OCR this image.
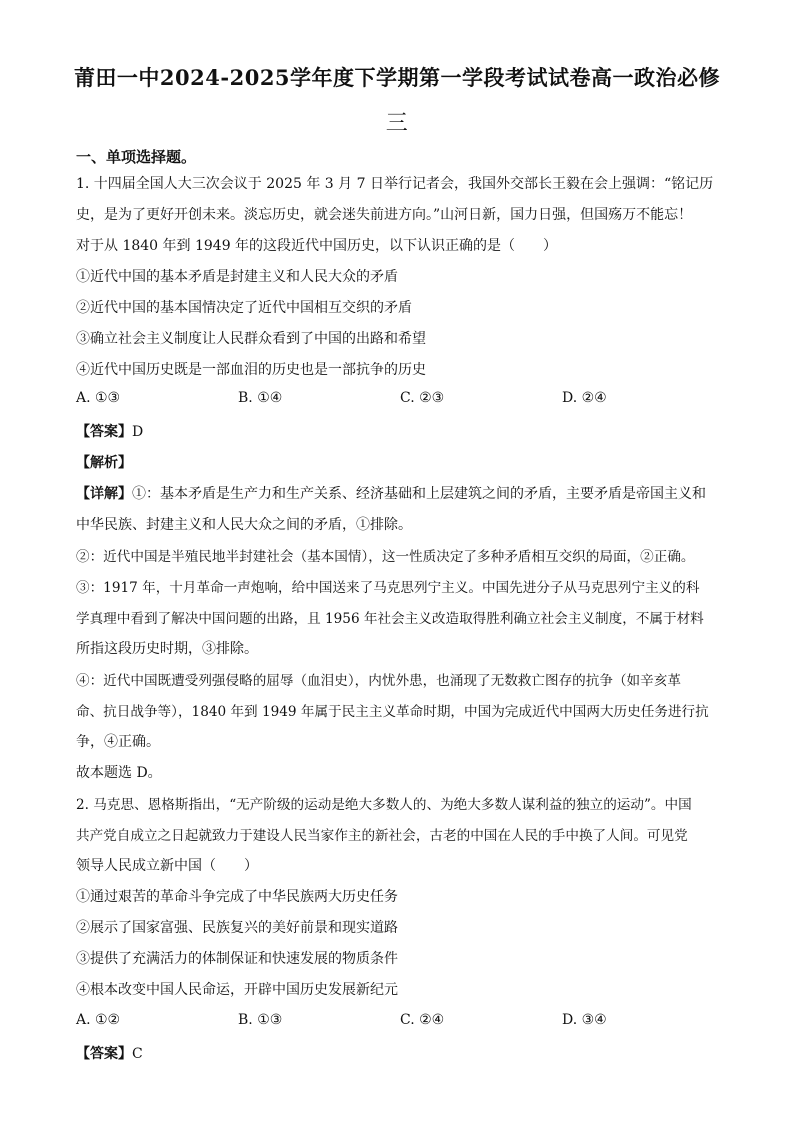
莆田一中2024-2025学年度下学期第一学段考试试卷高一政治必修
三
一、单项选择题。
1. 十四届全国人大三次会议于 2025 年 3 月 7 日举行记者会，我国外交部长王毅在会上强调：“铭记历
史，是为了更好开创未来。淡忘历史，就会迷失前进方向。”山河日新，国力日强，但国殇万不能忘！
对于从 1840 年到 1949 年的这段近代中国历史，以下认识正确的是（　　）
①近代中国的基本矛盾是封建主义和人民大众的矛盾
②近代中国的基本国情决定了近代中国相互交织的矛盾
③确立社会主义制度让人民群众看到了中国的出路和希望
④近代中国历史既是一部血泪的历史也是一部抗争的历史
A. ①③	B. ①④	C. ②③	D. ②④
【答案】D
【解析】
【详解】①：基本矛盾是生产力和生产关系、经济基础和上层建筑之间的矛盾，主要矛盾是帝国主义和
中华民族、封建主义和人民大众之间的矛盾，①排除。
②：近代中国是半殖民地半封建社会（基本国情），这一性质决定了多种矛盾相互交织的局面，②正确。
③：1917 年，十月革命一声炮响，给中国送来了马克思列宁主义。中国先进分子从马克思列宁主义的科
学真理中看到了解决中国问题的出路，且 1956 年社会主义改造取得胜利确立社会主义制度，不属于材料
所指这段历史时期，③排除。
④：近代中国既遭受列强侵略的屈辱（血泪史），内忧外患，也涌现了无数救亡图存的抗争（如辛亥革
命、抗日战争等），1840 年到 1949 年属于民主主义革命时期，中国为完成近代中国两大历史任务进行抗
争，④正确。
故本题选 D。
2. 马克思、恩格斯指出，“无产阶级的运动是绝大多数人的、为绝大多数人谋利益的独立的运动”。中国
共产党自成立之日起就致力于建设人民当家作主的新社会，古老的中国在人民的手中换了人间。可见党
领导人民成立新中国（　　）
①通过艰苦的革命斗争完成了中华民族两大历史任务
②展示了国家富强、民族复兴的美好前景和现实道路
③提供了充满活力的体制保证和快速发展的物质条件
④根本改变中国人民命运，开辟中国历史发展新纪元
A. ①②	B. ①③	C. ②④	D. ③④
【答案】C
